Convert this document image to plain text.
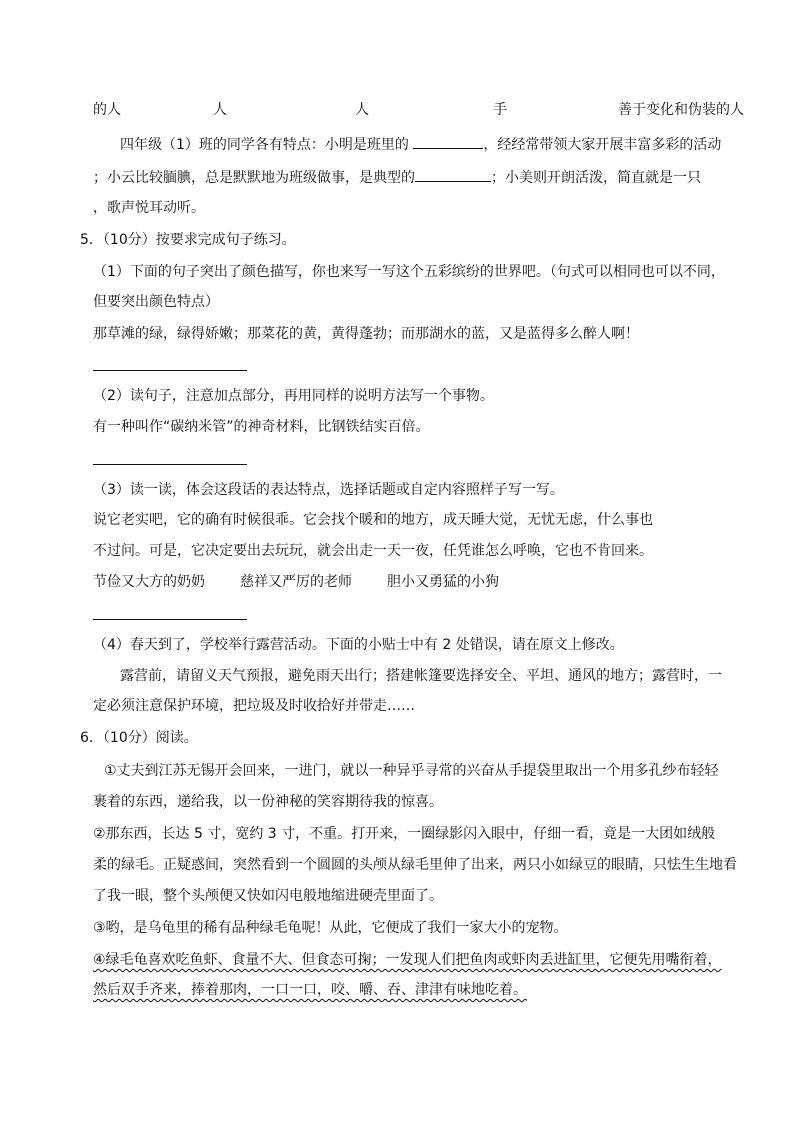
的人	人	人	手	善于变化和伪装的人
四年级（1）班的同学各有特点：小明是班里的	，经经常带领大家开展丰富多彩的活动
；小云比较腼腆，总是默默地为班级做事，是典型的	；小美则开朗活泼，简直就是一只
，歌声悦耳动听。
5．（10分）按要求完成句子练习。
（1）下面的句子突出了颜色描写，你也来写一写这个五彩缤纷的世界吧。（句式可以相同也可以不同，
但要突出颜色特点）
那草滩的绿，绿得娇嫩；那菜花的黄，黄得蓬勃；而那湖水的蓝，又是蓝得多么醉人啊！
（2）读句子，注意加点部分，再用同样的说明方法写一个事物。
有一种叫作“碳纳米管”的神奇材料，比钢铁结实百倍。
（3）读一读，体会这段话的表达特点，选择话题或自定内容照样子写一写。
说它老实吧，它的确有时候很乖。它会找个暖和的地方，成天睡大觉，无忧无虑，什么事也
不过问。可是，它决定要出去玩玩，就会出走一天一夜，任凭谁怎么呼唤，它也不肯回来。
节俭又大方的奶奶	慈祥又严厉的老师	胆小又勇猛的小狗
（4）春天到了，学校举行露营活动。下面的小贴士中有 2 处错误，请在原文上修改。
露营前，请留义天气预报，避免雨天出行；搭建帐篷要选择安全、平坦、通风的地方；露营时，一
定必须注意保护环境，把垃圾及时收拾好并带走……
6．（10分）阅读。
①丈夫到江苏无锡开会回来，一进门，就以一种异乎寻常的兴奋从手提袋里取出一个用多孔纱布轻轻
裹着的东西，递给我，以一份神秘的笑容期待我的惊喜。
②那东西，长达 5 寸，宽约 3 寸，不重。打开来，一圈绿影闪入眼中，仔细一看，竟是一大团如绒般
柔的绿毛。正疑惑间，突然看到一个圆圆的头颅从绿毛里伸了出来，两只小如绿豆的眼睛，只怯生生地看
了我一眼，整个头颅便又快如闪电般地缩进硬壳里面了。
③哟，是乌龟里的稀有品种绿毛龟呢！从此，它便成了我们一家大小的宠物。
④绿毛龟喜欢吃鱼虾、食量不大、但食态可掬；一发现人们把鱼肉或虾肉丢进缸里，它便先用嘴衔着，
然后双手齐来，捧着那肉，一口一口，咬、嚼、吞、津津有味地吃着。
